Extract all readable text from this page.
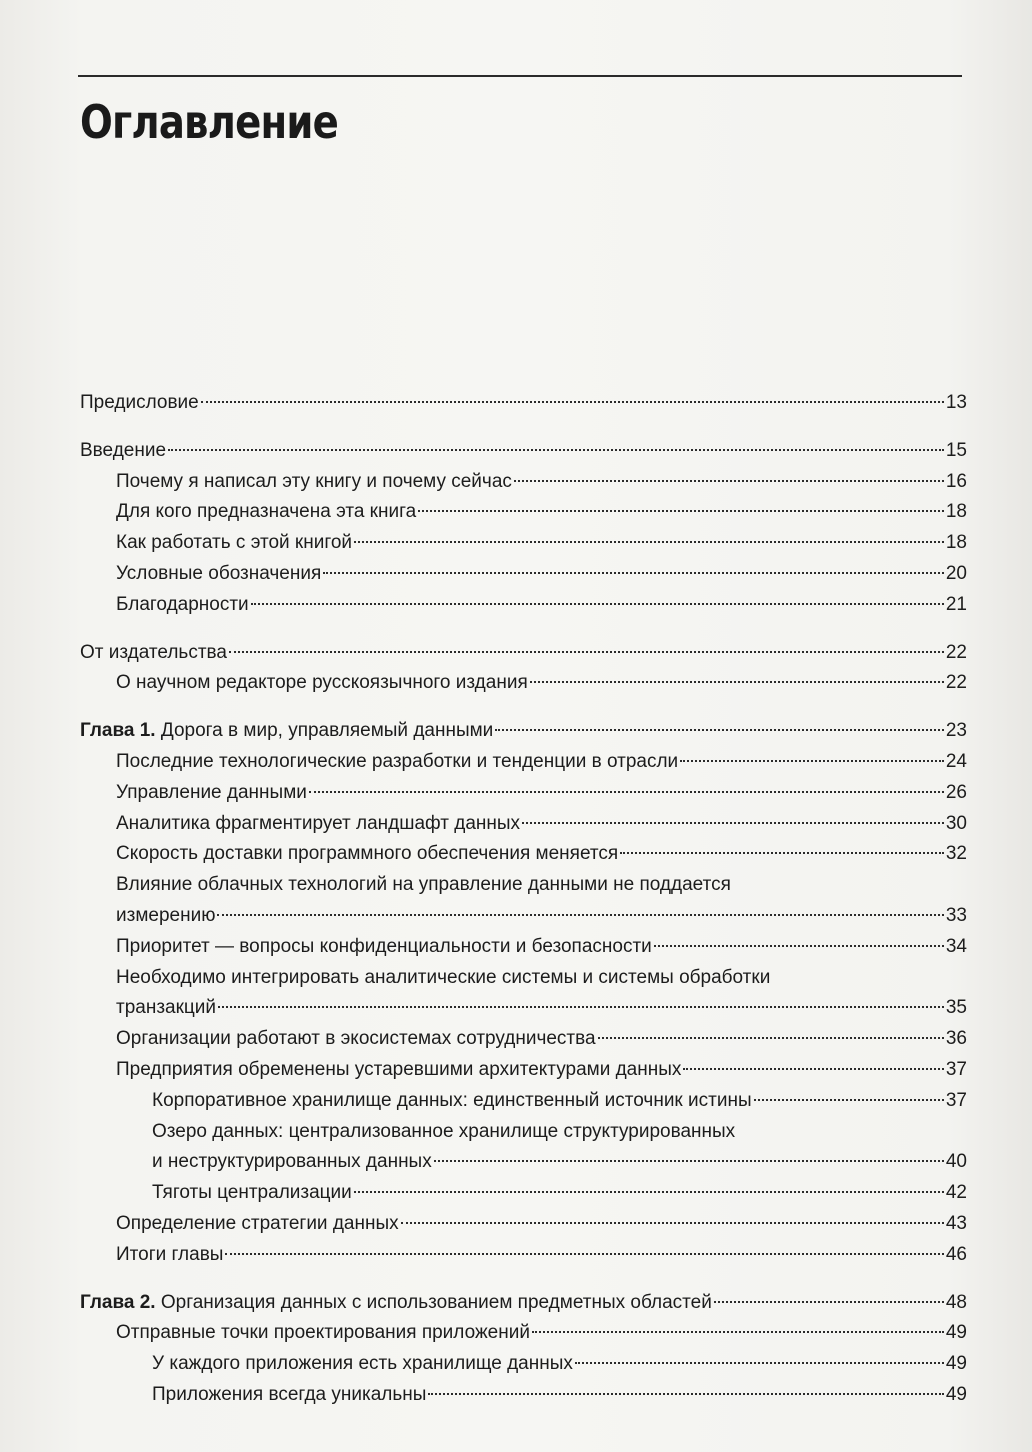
Оглавление
Предисловие	13
Введение	15
Почему я написал эту книгу и почему сейчас	16
Для кого предназначена эта книга	18
Как работать с этой книгой	18
Условные обозначения	20
Благодарности	21
От издательства	22
О научном редакторе русскоязычного издания	22
Глава 1. Дорога в мир, управляемый данными	23
Последние технологические разработки и тенденции в отрасли	24
Управление данными	26
Аналитика фрагментирует ландшафт данных	30
Скорость доставки программного обеспечения меняется	32
Влияние облачных технологий на управление данными не поддается
измерению	33
Приоритет — вопросы конфиденциальности и безопасности	34
Необходимо интегрировать аналитические системы и системы обработки
транзакций	35
Организации работают в экосистемах сотрудничества	36
Предприятия обременены устаревшими архитектурами данных	37
Корпоративное хранилище данных: единственный источник истины	37
Озеро данных: централизованное хранилище структурированных
и неструктурированных данных	40
Тяготы централизации	42
Определение стратегии данных	43
Итоги главы	46
Глава 2. Организация данных с использованием предметных областей	48
Отправные точки проектирования приложений	49
У каждого приложения есть хранилище данных	49
Приложения всегда уникальны	49
